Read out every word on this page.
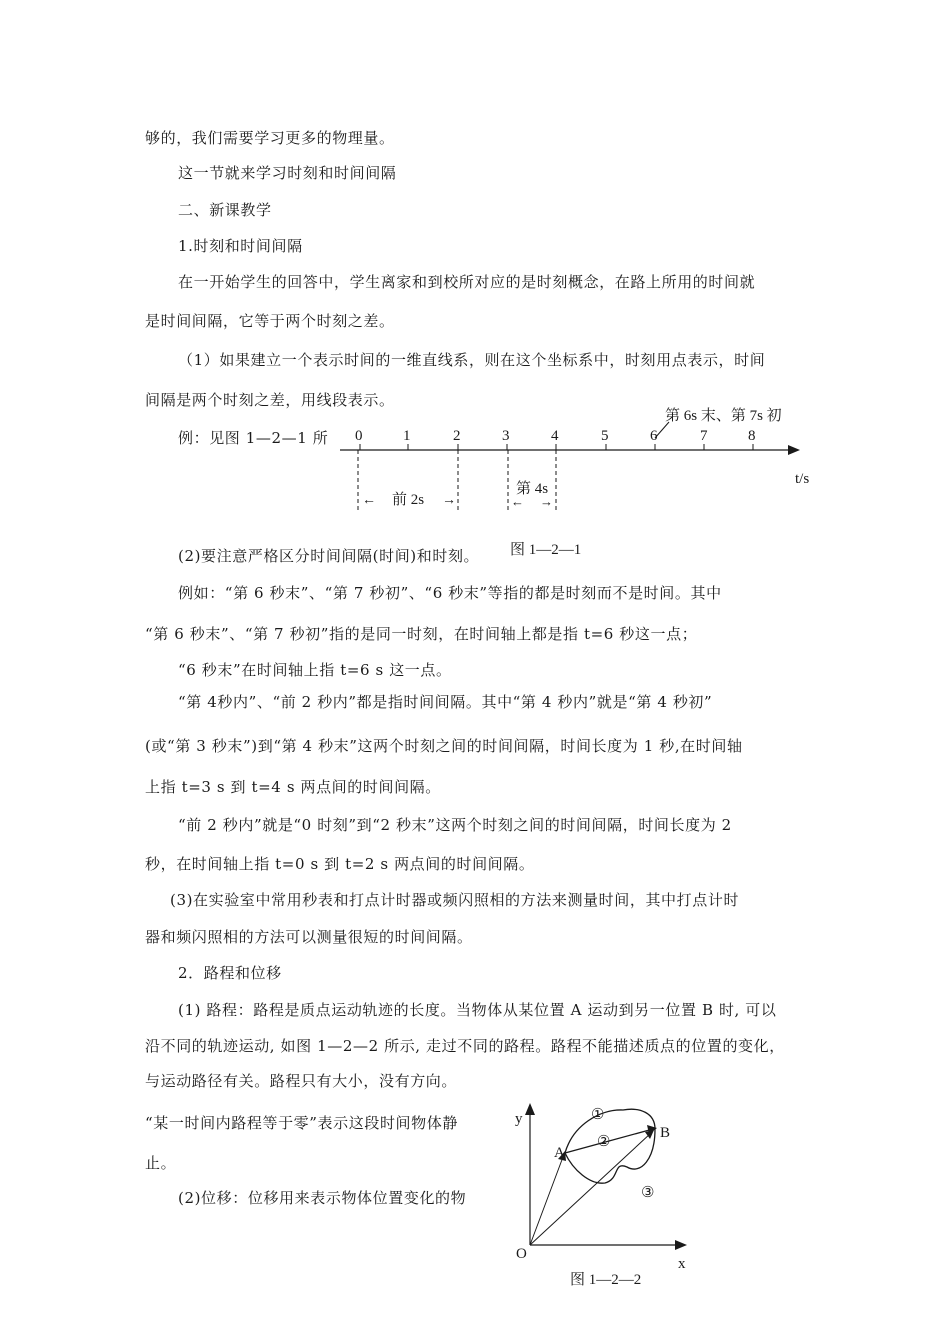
够的，我们需要学习更多的物理量。
这一节就来学习时刻和时间间隔
二、新课教学
1.时刻和时间间隔
在一开始学生的回答中，学生离家和到校所对应的是时刻概念，在路上所用的时间就
是时间间隔，它等于两个时刻之差。
（1）如果建立一个表示时间的一维直线系，则在这个坐标系中，时刻用点表示，时间
间隔是两个时刻之差，用线段表示。
例：见图 1—2—1 所 0	1	2	3	4	5	6	7	8
第 6s 末、第 7s 初
t/s
← 前 2s →
第 4s
← →
图 1—2—1
(2)要注意严格区分时间间隔(时间)和时刻。
例如：“第 6 秒末”、“第 7 秒初”、“6 秒末”等指的都是时刻而不是时间。其中
“第 6 秒末”、“第 7 秒初”指的是同一时刻，在时间轴上都是指 t=6 秒这一点；
“6 秒末”在时间轴上指 t=6 s 这一点。
“第 4秒内”、“前 2 秒内”都是指时间间隔。其中“第 4 秒内”就是“第 4 秒初”
(或“第 3 秒末”)到“第 4 秒末”这两个时刻之间的时间间隔，时间长度为 1 秒,在时间轴
上指 t=3 s 到 t=4 s 两点间的时间间隔。
“前 2 秒内”就是“0 时刻”到“2 秒末”这两个时刻之间的时间间隔，时间长度为 2
秒，在时间轴上指 t=0 s 到 t=2 s 两点间的时间间隔。
(3)在实验室中常用秒表和打点计时器或频闪照相的方法来测量时间，其中打点计时
器和频闪照相的方法可以测量很短的时间间隔。
2．路程和位移
(1) 路程：路程是质点运动轨迹的长度。当物体从某位置 A 运动到另一位置 B 时, 可以
沿不同的轨迹运动, 如图 1—2—2 所示, 走过不同的路程。路程不能描述质点的位置的变化，
与运动路径有关。路程只有大小，没有方向。
“某一时间内路程等于零”表示这段时间物体静
止。
(2)位移：位移用来表示物体位置变化的物
y
x
O
A
B
①
②
③
图 1—2—2
